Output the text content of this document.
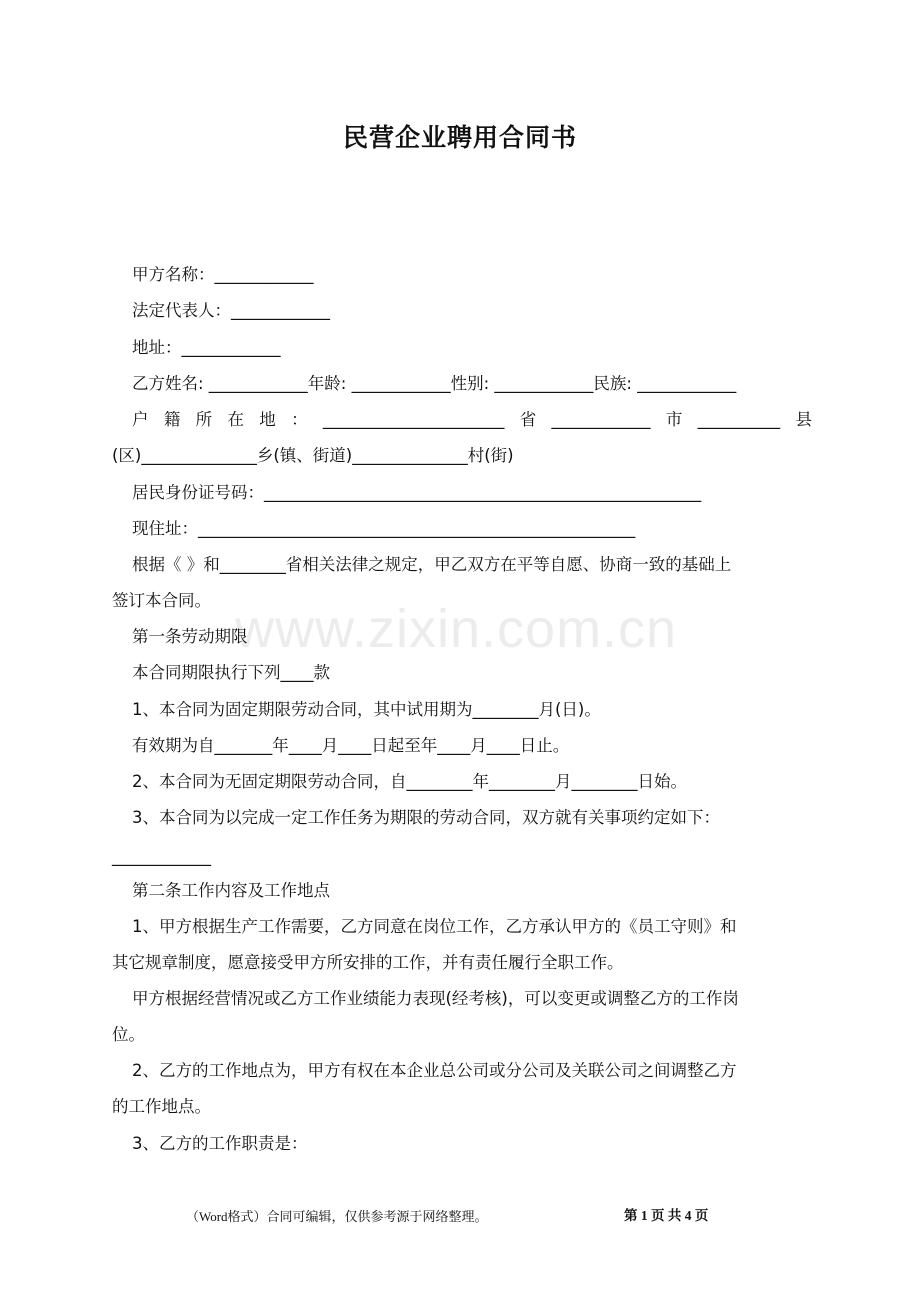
www.zixin.com.cn
民营企业聘用合同书
甲方名称：____________
法定代表人：____________
地址：____________
乙方姓名: ____________年龄: ____________性别: ____________民族: ____________
户 籍 所 在 地 ： ______________________ 省 ____________ 市 __________ 县
(区)______________乡(镇、街道)______________村(街)
居民身份证号码：_____________________________________________________
现住址：_____________________________________________________
根据《 》和________省相关法律之规定，甲乙双方在平等自愿、协商一致的基础上
签订本合同。
第一条劳动期限
本合同期限执行下列____款
1、本合同为固定期限劳动合同，其中试用期为________月(日)。
有效期为自_______年____月____日起至年____月____日止。
2、本合同为无固定期限劳动合同，自________年________月________日始。
3、本合同为以完成一定工作任务为期限的劳动合同，双方就有关事项约定如下：
____________
第二条工作内容及工作地点
1、甲方根据生产工作需要，乙方同意在岗位工作，乙方承认甲方的《员工守则》和
其它规章制度，愿意接受甲方所安排的工作，并有责任履行全职工作。
甲方根据经营情况或乙方工作业绩能力表现(经考核)，可以变更或调整乙方的工作岗
位。
2、乙方的工作地点为，甲方有权在本企业总公司或分公司及关联公司之间调整乙方
的工作地点。
3、乙方的工作职责是：
（Word格式）合同可编辑，仅供参考源于网络整理。	第 1 页 共 4 页
